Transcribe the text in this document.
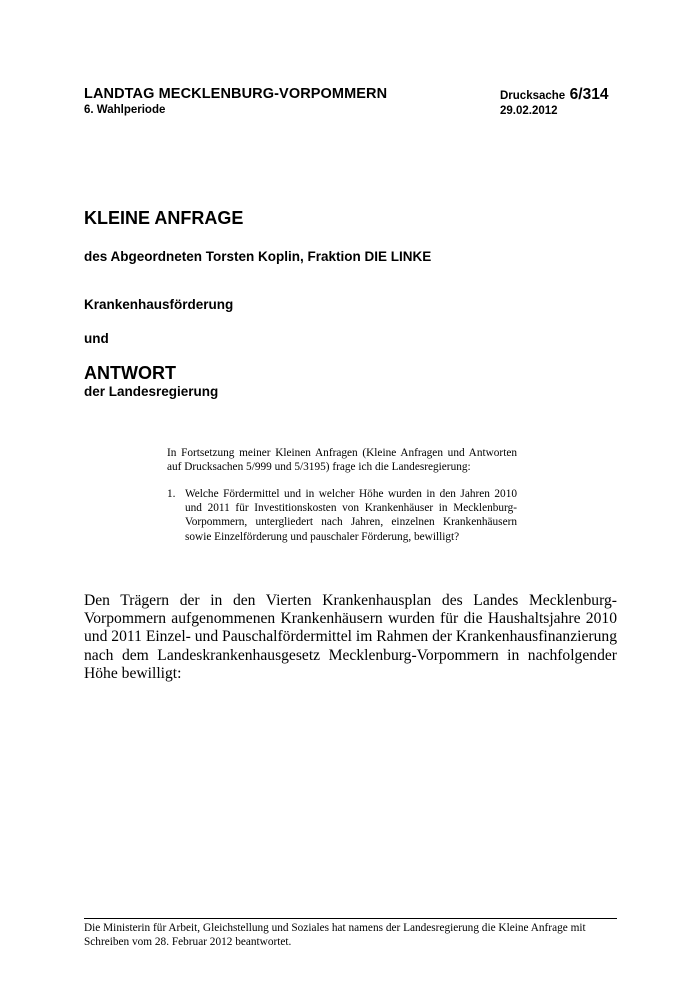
LANDTAG MECKLENBURG-VORPOMMERN
6. Wahlperiode
Drucksache 6/314
29.02.2012
KLEINE ANFRAGE
des Abgeordneten Torsten Koplin, Fraktion DIE LINKE
Krankenhausförderung
und
ANTWORT
der Landesregierung
In Fortsetzung meiner Kleinen Anfragen (Kleine Anfragen und Antworten auf Drucksachen 5/999 und 5/3195) frage ich die Landesregierung:
1. Welche Fördermittel und in welcher Höhe wurden in den Jahren 2010 und 2011 für Investitionskosten von Krankenhäuser in Mecklenburg-Vorpommern, untergliedert nach Jahren, einzelnen Krankenhäusern sowie Einzelförderung und pauschaler Förderung, bewilligt?
Den Trägern der in den Vierten Krankenhausplan des Landes Mecklenburg-Vorpommern aufgenommenen Krankenhäusern wurden für die Haushaltsjahre 2010 und 2011 Einzel- und Pauschalfördermittel im Rahmen der Krankenhausfinanzierung nach dem Landeskrankenhausgesetz Mecklenburg-Vorpommern in nachfolgender Höhe bewilligt:
Die Ministerin für Arbeit, Gleichstellung und Soziales hat namens der Landesregierung die Kleine Anfrage mit Schreiben vom 28. Februar 2012 beantwortet.
